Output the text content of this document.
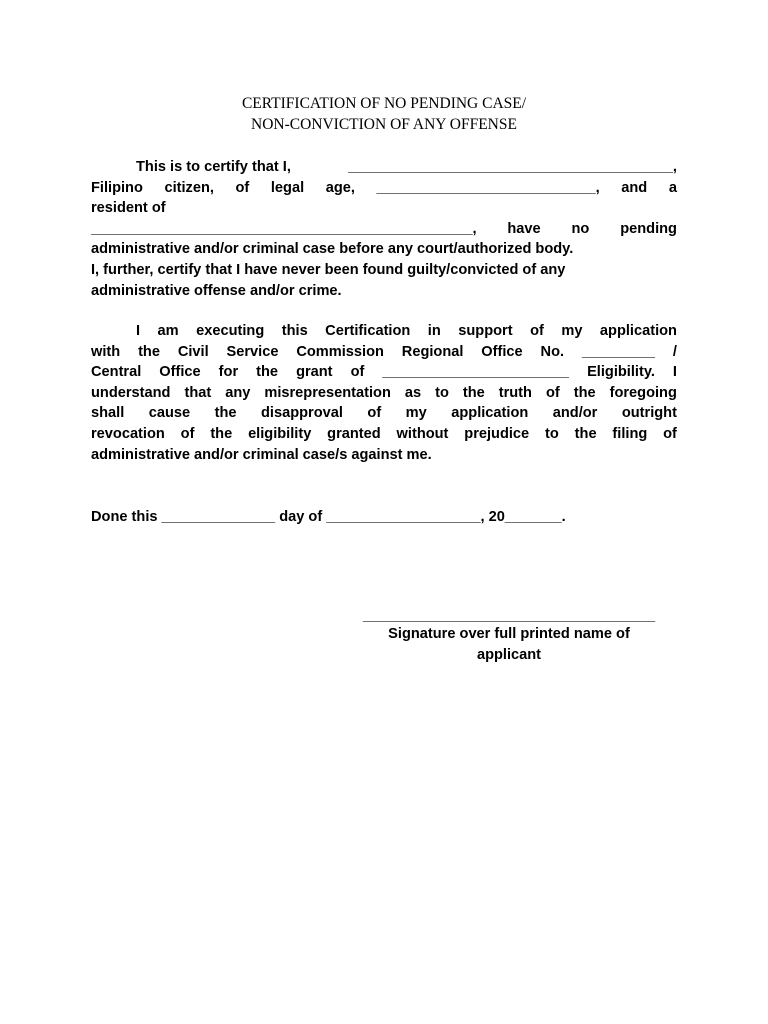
CERTIFICATION OF NO PENDING CASE/
NON-CONVICTION OF ANY OFFENSE
This is to certify that I,	________________________________________,
Filipino citizen, of legal age, ___________________________, and a
resident of
_______________________________________________, have no pending
administrative and/or criminal case before any court/authorized body.
I, further, certify that I have never been found guilty/convicted of any
administrative offense and/or crime.
I am executing this Certification in support of my application
with the Civil Service Commission Regional Office No. _________ /
Central Office for the grant of _______________________ Eligibility. I
understand that any misrepresentation as to the truth of the foregoing
shall cause the disapproval of my application and/or outright
revocation of the eligibility granted without prejudice to the filing of
administrative and/or criminal case/s against me.
Done this ______________ day of ___________________, 20_______.
____________________________________
Signature over full printed name of
applicant
